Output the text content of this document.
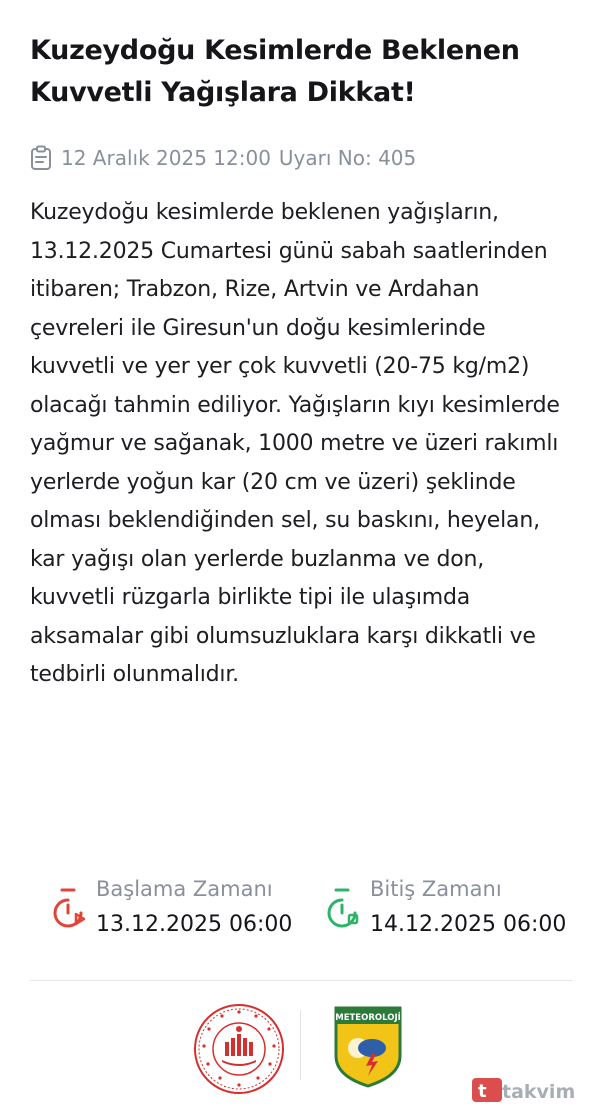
Kuzeydoğu Kesimlerde Beklenen Kuvvetli Yağışlara Dikkat!
12 Aralık 2025 12:00 Uyarı No: 405
Kuzeydoğu kesimlerde beklenen yağışların, 13.12.2025 Cumartesi günü sabah saatlerinden itibaren; Trabzon, Rize, Artvin ve Ardahan çevreleri ile Giresun'un doğu kesimlerinde kuvvetli ve yer yer çok kuvvetli (20-75 kg/m2) olacağı tahmin ediliyor. Yağışların kıyı kesimlerde yağmur ve sağanak, 1000 metre ve üzeri rakımlı yerlerde yoğun kar (20 cm ve üzeri) şeklinde olması beklendiğinden sel, su baskını, heyelan, kar yağışı olan yerlerde buzlanma ve don, kuvvetli rüzgarla birlikte tipi ile ulaşımda aksamalar gibi olumsuzluklara karşı dikkatli ve tedbirli olunmalıdır.
Başlama Zamanı
13.12.2025 06:00
Bitiş Zamanı
14.12.2025 06:00
METEOROLOJİ
t takvim
